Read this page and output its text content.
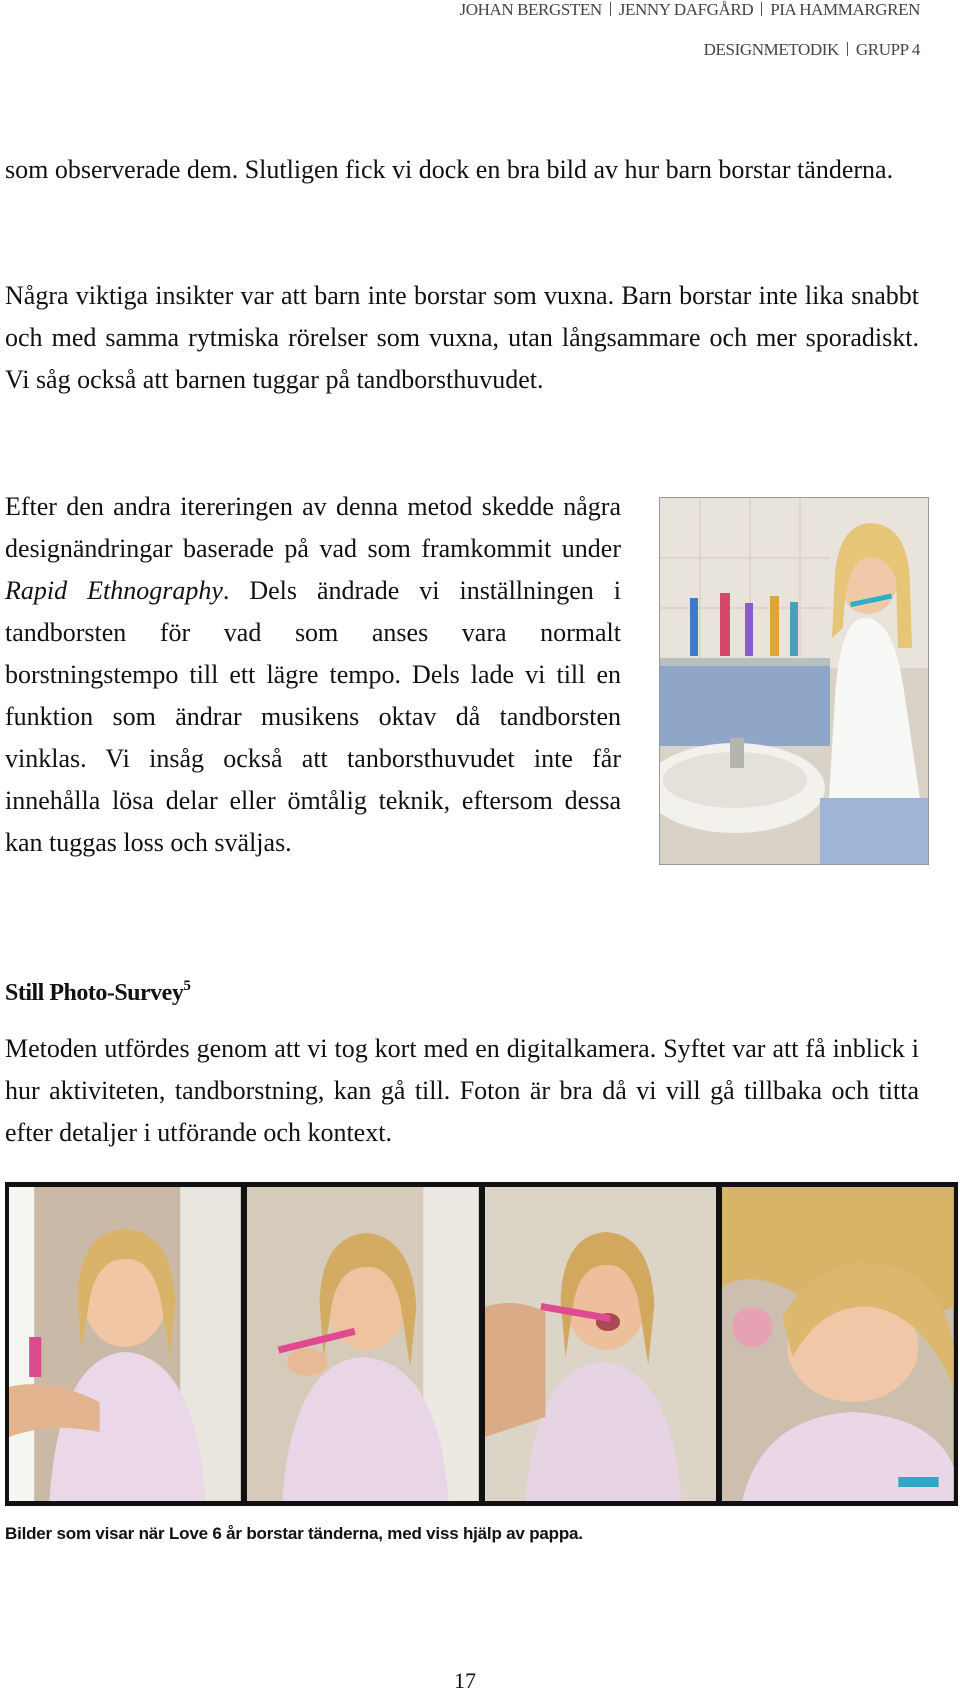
JOHAN BERGSTEN JENNY DAFGÅRD PIA HAMMARGREN
DESIGNMETODIK GRUPP 4

som observerade dem. Slutligen fick vi dock en bra bild av hur barn borstar tänderna.

Några viktiga insikter var att barn inte borstar som vuxna. Barn borstar inte lika snabbt och med samma rytmiska rörelser som vuxna, utan långsammare och mer sporadiskt. Vi såg också att barnen tuggar på tandborsthuvudet.

Efter den andra itereringen av denna metod skedde några designändringar baserade på vad som framkommit under Rapid Ethnography. Dels ändrade vi inställningen i tandborsten för vad som anses vara normalt borstningstempo till ett lägre tempo. Dels lade vi till en funktion som ändrar musikens oktav då tandborsten vinklas. Vi insåg också att tanborsthuvudet inte får innehålla lösa delar eller ömtålig teknik, eftersom dessa kan tuggas loss och sväljas.

Still Photo-Survey$^5$

Metoden utfördes genom att vi tog kort med en digitalkamera. Syftet var att få inblick i hur aktiviteten, tandborstning, kan gå till. Foton är bra då vi vill gå tillbaka och titta efter detaljer i utförande och kontext.

Bilder som visar när Love 6 år borstar tänderna, med viss hjälp av pappa.

17
